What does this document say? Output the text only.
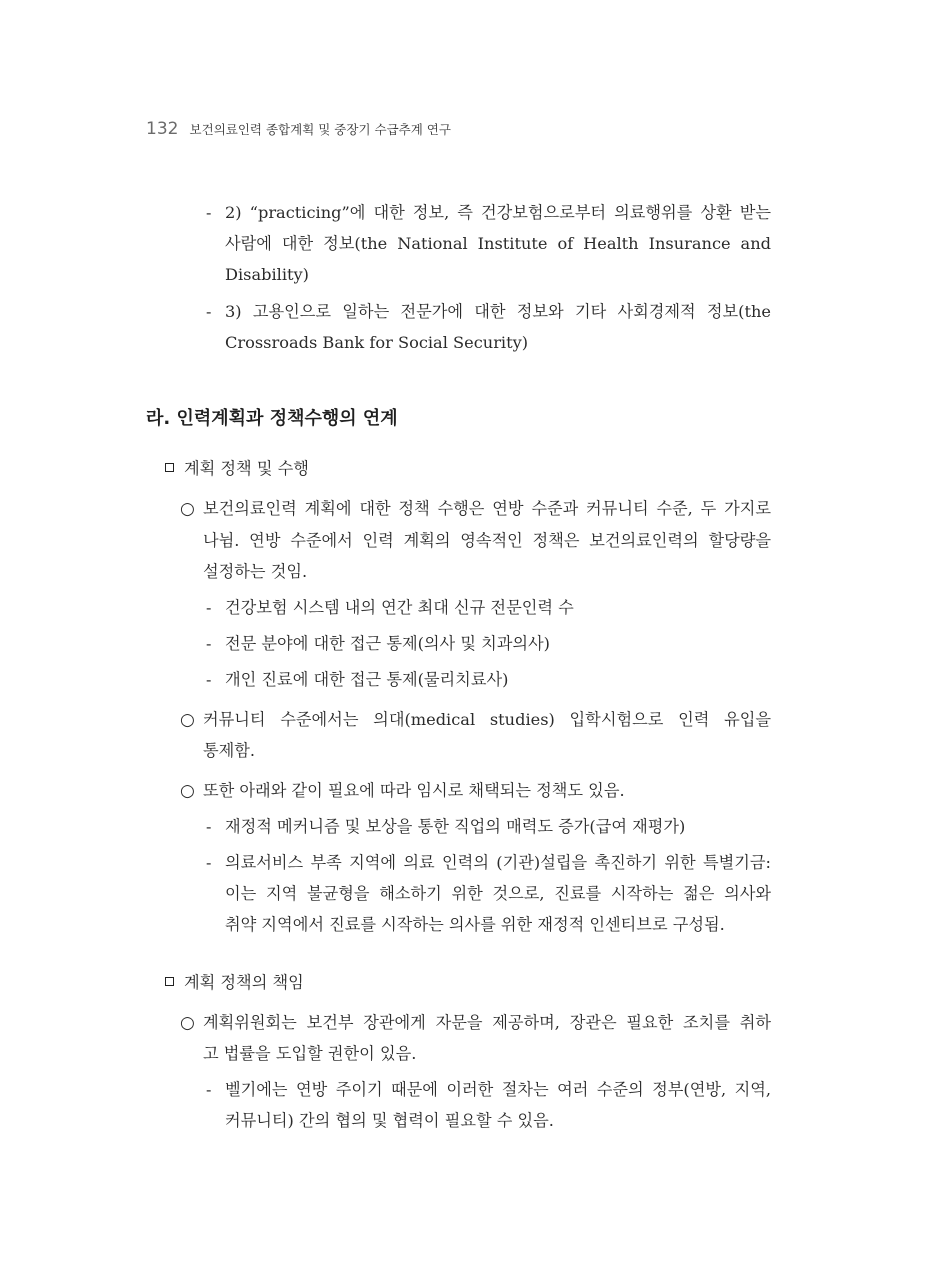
132 보건의료인력 종합계획 및 중장기 수급추계 연구
- 2) “practicing”에 대한 정보, 즉 건강보험으로부터 의료행위를 상환 받는
사람에 대한 정보(the National Institute of Health Insurance and
Disability)
- 3) 고용인으로 일하는 전문가에 대한 정보와 기타 사회경제적 정보(the
Crossroads Bank for Social Security)
라. 인력계획과 정책수행의 연계
계획 정책 및 수행
○ 보건의료인력 계획에 대한 정책 수행은 연방 수준과 커뮤니티 수준, 두 가지로
나뉨. 연방 수준에서 인력 계획의 영속적인 정책은 보건의료인력의 할당량을
설정하는 것임.
- 건강보험 시스템 내의 연간 최대 신규 전문인력 수
- 전문 분야에 대한 접근 통제(의사 및 치과의사)
- 개인 진료에 대한 접근 통제(물리치료사)
○ 커뮤니티 수준에서는 의대(medical studies) 입학시험으로 인력 유입을
통제함.
○ 또한 아래와 같이 필요에 따라 임시로 채택되는 정책도 있음.
- 재정적 메커니즘 및 보상을 통한 직업의 매력도 증가(급여 재평가)
- 의료서비스 부족 지역에 의료 인력의 (기관)설립을 촉진하기 위한 특별기금:
이는 지역 불균형을 해소하기 위한 것으로, 진료를 시작하는 젊은 의사와
취약 지역에서 진료를 시작하는 의사를 위한 재정적 인센티브로 구성됨.
계획 정책의 책임
○ 계획위원회는 보건부 장관에게 자문을 제공하며, 장관은 필요한 조치를 취하
고 법률을 도입할 권한이 있음.
- 벨기에는 연방 주이기 때문에 이러한 절차는 여러 수준의 정부(연방, 지역,
커뮤니티) 간의 협의 및 협력이 필요할 수 있음.
